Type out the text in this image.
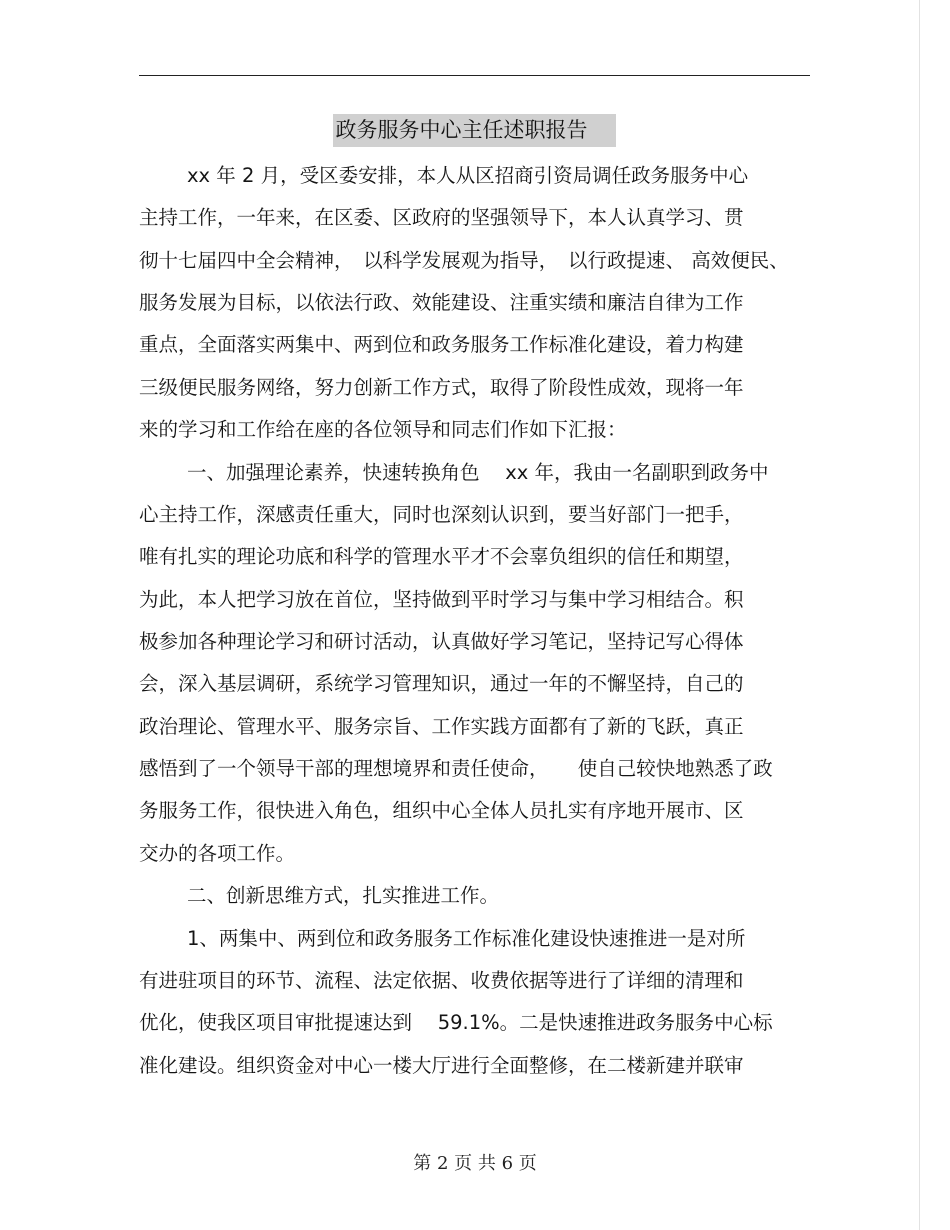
政务服务中心主任述职报告
xx 年 2 月，受区委安排，本人从区招商引资局调任政务服务中心
主持工作，一年来，在区委、区政府的坚强领导下，本人认真学习、贯
彻十七届四中全会精神，　以科学发展观为指导，　以行政提速、 高效便民、
服务发展为目标，以依法行政、效能建设、注重实绩和廉洁自律为工作
重点，全面落实两集中、两到位和政务服务工作标准化建设，着力构建
三级便民服务网络，努力创新工作方式，取得了阶段性成效，现将一年
来的学习和工作给在座的各位领导和同志们作如下汇报：
一、加强理论素养，快速转换角色　 xx 年，我由一名副职到政务中
心主持工作，深感责任重大，同时也深刻认识到，要当好部门一把手，
唯有扎实的理论功底和科学的管理水平才不会辜负组织的信任和期望，
为此，本人把学习放在首位，坚持做到平时学习与集中学习相结合。积
极参加各种理论学习和研讨活动，认真做好学习笔记，坚持记写心得体
会，深入基层调研，系统学习管理知识，通过一年的不懈坚持，自己的
政治理论、管理水平、服务宗旨、工作实践方面都有了新的飞跃，真正
感悟到了一个领导干部的理想境界和责任使命，　　使自己较快地熟悉了政
务服务工作，很快进入角色，组织中心全体人员扎实有序地开展市、区
交办的各项工作。
二、创新思维方式，扎实推进工作。
1、两集中、两到位和政务服务工作标准化建设快速推进一是对所
有进驻项目的环节、流程、法定依据、收费依据等进行了详细的清理和
优化，使我区项目审批提速达到　 59.1%。二是快速推进政务服务中心标
准化建设。组织资金对中心一楼大厅进行全面整修，在二楼新建并联审
第 2 页 共 6 页
